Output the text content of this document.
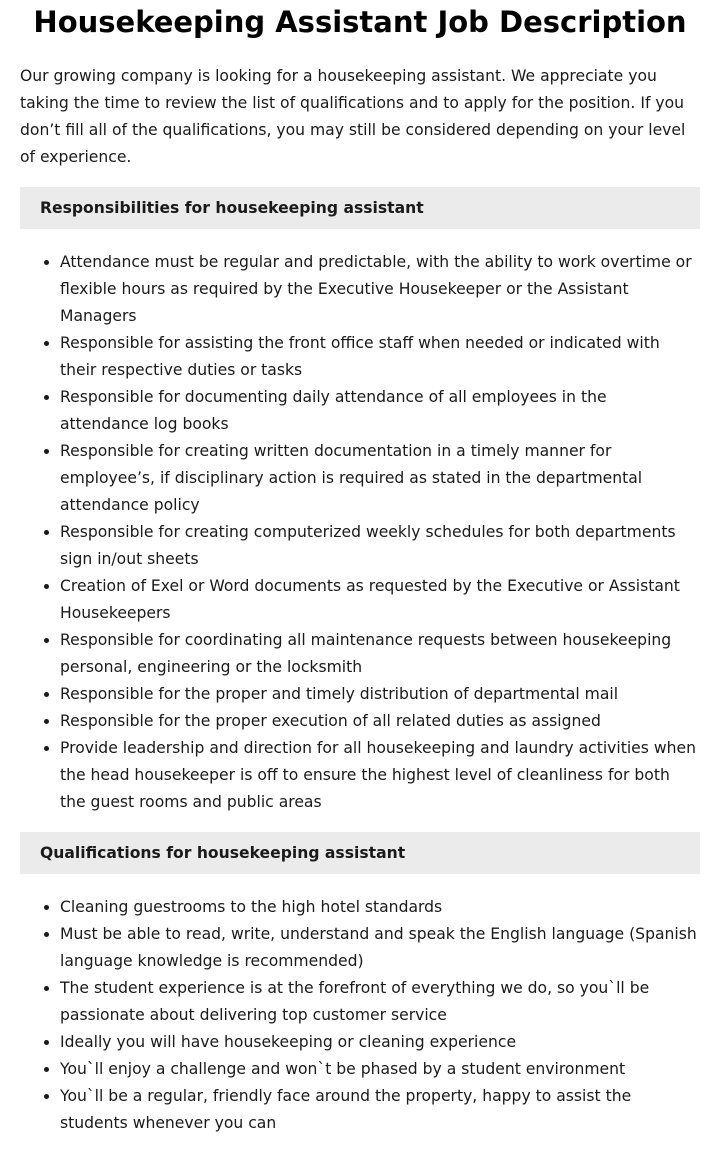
Housekeeping Assistant Job Description

Our growing company is looking for a housekeeping assistant. We appreciate you taking the time to review the list of qualifications and to apply for the position. If you don’t fill all of the qualifications, you may still be considered depending on your level of experience.

Responsibilities for housekeeping assistant
• Attendance must be regular and predictable, with the ability to work overtime or flexible hours as required by the Executive Housekeeper or the Assistant Managers
• Responsible for assisting the front office staff when needed or indicated with their respective duties or tasks
• Responsible for documenting daily attendance of all employees in the attendance log books
• Responsible for creating written documentation in a timely manner for employee’s, if disciplinary action is required as stated in the departmental attendance policy
• Responsible for creating computerized weekly schedules for both departments sign in/out sheets
• Creation of Exel or Word documents as requested by the Executive or Assistant Housekeepers
• Responsible for coordinating all maintenance requests between housekeeping personal, engineering or the locksmith
• Responsible for the proper and timely distribution of departmental mail
• Responsible for the proper execution of all related duties as assigned
• Provide leadership and direction for all housekeeping and laundry activities when the head housekeeper is off to ensure the highest level of cleanliness for both the guest rooms and public areas
Qualifications for housekeeping assistant
• Cleaning guestrooms to the high hotel standards
• Must be able to read, write, understand and speak the English language (Spanish language knowledge is recommended)
• The student experience is at the forefront of everything we do, so you`ll be passionate about delivering top customer service
• Ideally you will have housekeeping or cleaning experience
• You`ll enjoy a challenge and won`t be phased by a student environment
• You`ll be a regular, friendly face around the property, happy to assist the students whenever you can
